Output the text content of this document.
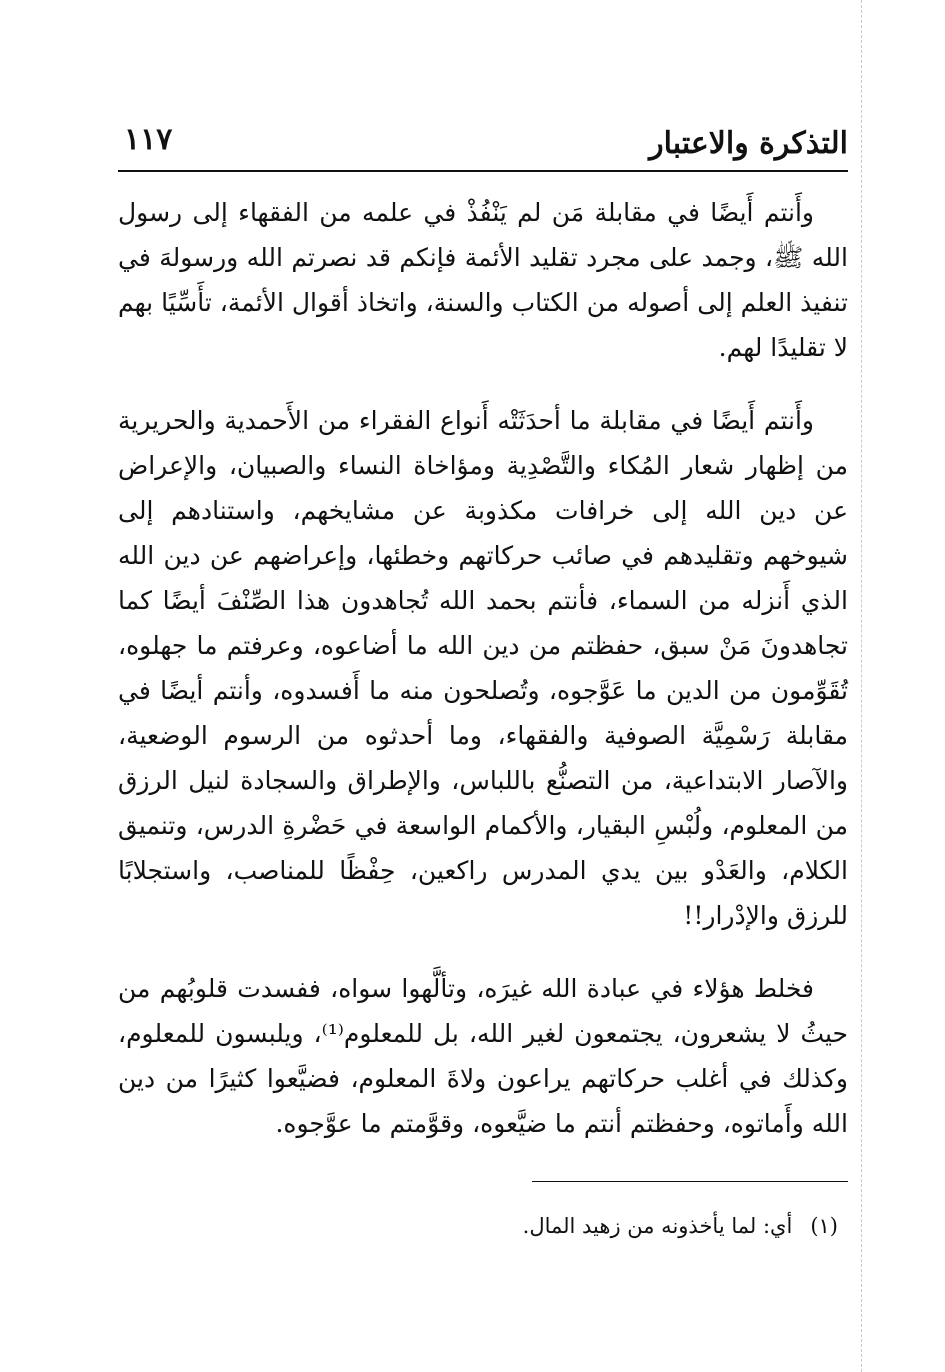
التذكرة والاعتبار
١١٧

وأَنتم أَيضًا في مقابلة مَن لم يَنْفُذْ في علمه من الفقهاء إلى رسول الله ﷺ، وجمد على مجرد تقليد الأئمة فإنكم قد نصرتم الله ورسولهَ في تنفيذ العلم إلى أصوله من الكتاب والسنة، واتخاذ أقوال الأئمة، تأَسِّيًا بهم لا تقليدًا لهم.

وأَنتم أَيضًا في مقابلة ما أحدَثَتْه أَنواع الفقراء من الأَحمدية والحريرية من إظهار شعار المُكاء والتَّصْدِية ومؤاخاة النساء والصبيان، والإعراض عن دين الله إلى خرافات مكذوبة عن مشايخهم، واستنادهم إلى شيوخهم وتقليدهم في صائب حركاتهم وخطئها، وإعراضهم عن دين الله الذي أَنزله من السماء، فأنتم بحمد الله تُجاهدون هذا الصِّنْفَ أيضًا كما تجاهدونَ مَنْ سبق، حفظتم من دين الله ما أضاعوه، وعرفتم ما جهلوه، تُقَوِّمون من الدين ما عَوَّجوه، وتُصلحون منه ما أَفسدوه، وأنتم أيضًا في مقابلة رَسْمِيَّة الصوفية والفقهاء، وما أحدثوه من الرسوم الوضعية، والآصار الابتداعية، من التصنُّع باللباس، والإطراق والسجادة لنيل الرزق من المعلوم، ولُبْسِ البقيار، والأكمام الواسعة في حَضْرةِ الدرس، وتنميق الكلام، والعَدْو بين يدي المدرس راكعين، حِفْظًا للمناصب، واستجلابًا للرزق والإدْرار!!

فخلط هؤلاء في عبادة الله غيرَه، وتألَّهوا سواه، ففسدت قلوبُهم من حيثُ لا يشعرون، يجتمعون لغير الله، بل للمعلوم⁽¹⁾، ويلبسون للمعلوم، وكذلك في أغلب حركاتهم يراعون ولاةَ المعلوم، فضيَّعوا كثيرًا من دين الله وأَماتوه، وحفظتم أنتم ما ضيَّعوه، وقوَّمتم ما عوَّجوه.

(١)أي: لما يأخذونه من زهيد المال.
